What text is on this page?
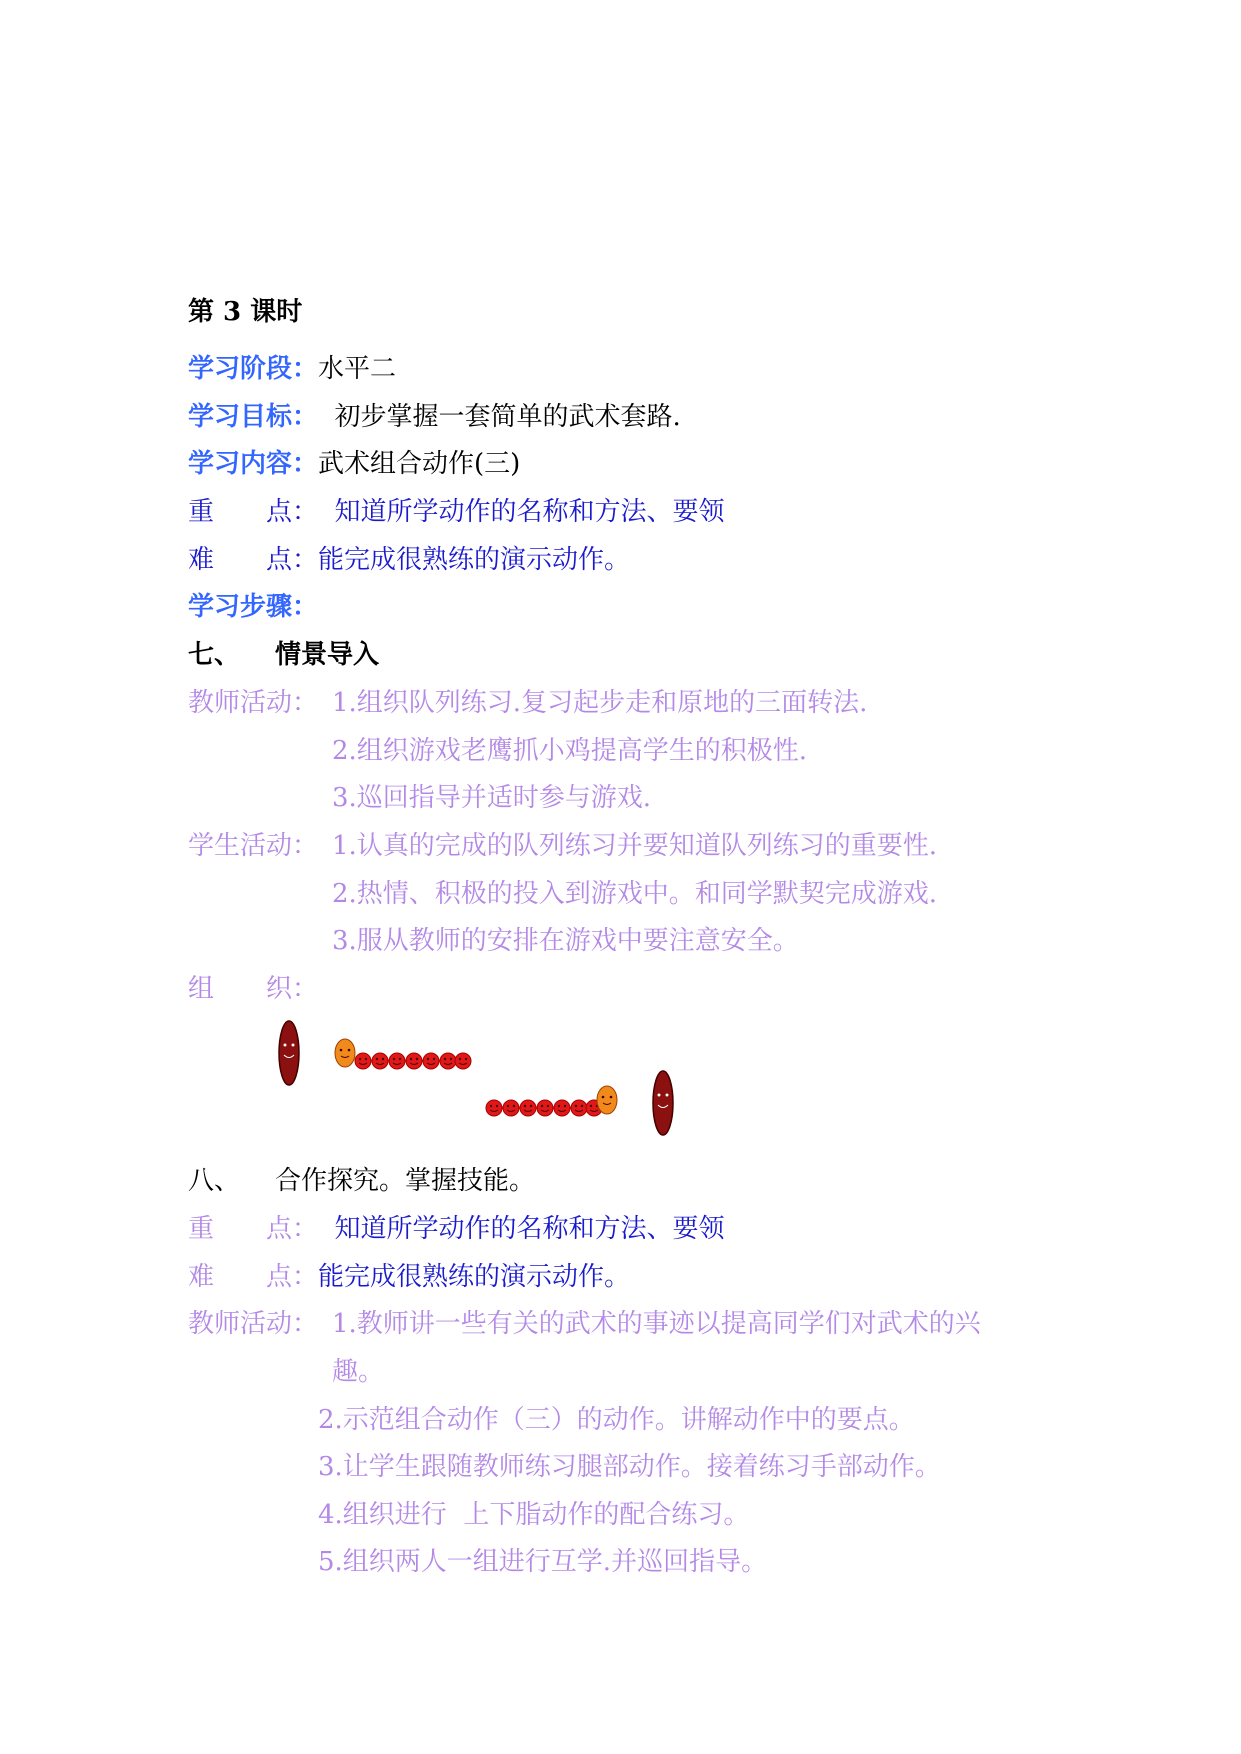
第 3 课时
学习阶段：水平二
学习目标：  初步掌握一套简单的武术套路.
学习内容：武术组合动作(三)
重　　点：  知道所学动作的名称和方法、要领
难　　点：能完成很熟练的演示动作。
学习步骤：
七、 情景导入
教师活动： 1.组织队列练习.复习起步走和原地的三面转法.
2.组织游戏老鹰抓小鸡提高学生的积极性.
3.巡回指导并适时参与游戏.
学生活动： 1.认真的完成的队列练习并要知道队列练习的重要性.
2.热情、积极的投入到游戏中。和同学默契完成游戏.
3.服从教师的安排在游戏中要注意安全。
组　　织：
八、 合作探究。掌握技能。
重　　点：  知道所学动作的名称和方法、要领
难　　点：能完成很熟练的演示动作。
教师活动： 1.教师讲一些有关的武术的事迹以提高同学们对武术的兴
趣。
2.示范组合动作（三）的动作。讲解动作中的要点。
3.让学生跟随教师练习腿部动作。接着练习手部动作。
4.组织进行  上下脂动作的配合练习。
5.组织两人一组进行互学.并巡回指导。
